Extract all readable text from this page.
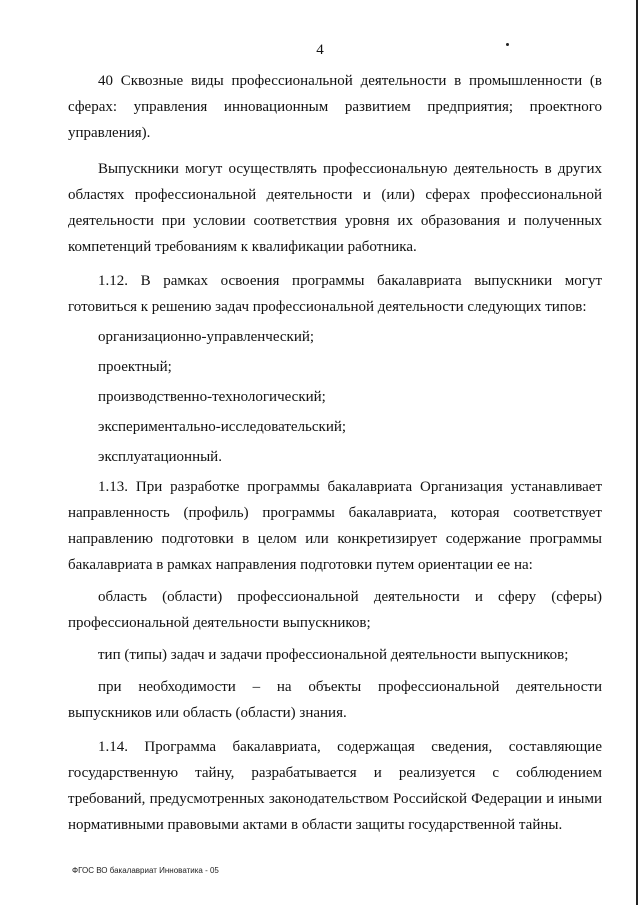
4

40 Сквозные виды профессиональной деятельности в промышленности (в сферах: управления инновационным развитием предприятия; проектного управления).

Выпускники могут осуществлять профессиональную деятельность в других областях профессиональной деятельности и (или) сферах профессиональной деятельности при условии соответствия уровня их образования и полученных компетенций требованиям к квалификации работника.

1.12. В рамках освоения программы бакалавриата выпускники могут готовиться к решению задач профессиональной деятельности следующих типов:

организационно-управленческий;

проектный;

производственно-технологический;

экспериментально-исследовательский;

эксплуатационный.

1.13. При разработке программы бакалавриата Организация устанавливает направленность (профиль) программы бакалавриата, которая соответствует направлению подготовки в целом или конкретизирует содержание программы бакалавриата в рамках направления подготовки путем ориентации ее на:

область (области) профессиональной деятельности и сферу (сферы) профессиональной деятельности выпускников;

тип (типы) задач и задачи профессиональной деятельности выпускников;

при необходимости – на объекты профессиональной деятельности выпускников или область (области) знания.

1.14. Программа бакалавриата, содержащая сведения, составляющие государственную тайну, разрабатывается и реализуется с соблюдением требований, предусмотренных законодательством Российской Федерации и иными нормативными правовыми актами в области защиты государственной тайны.

ФГОС ВО бакалавриат Инноватика - 05
